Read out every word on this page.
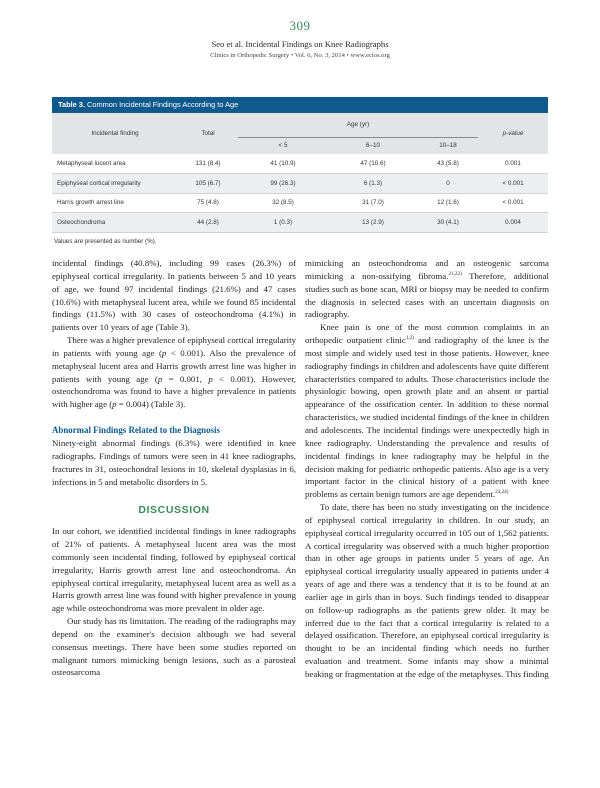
309
Seo et al. Incidental Findings on Knee Radiographs
Clinics in Orthopedic Surgery • Vol. 6, No. 3, 2014 • www.ecios.org
Table 3. Common Incidental Findings According to Age
Incidental finding	Total	Age (yr)			p-value
		< 5	6–10	10–18	
Metaphyseal lucent area	131 (8.4)	41 (10.9)	47 (10.6)	43 (5.8)	0.001
Epiphyseal cortical irregularity	105 (6.7)	99 (26.3)	6 (1.3)	0	< 0.001
Harris growth arrest line	75 (4.8)	32 (8.5)	31 (7.0)	12 (1.6)	< 0.001
Osteochondroma	44 (2.8)	1 (0.3)	13 (2.9)	30 (4.1)	0.004
Values are presented as number (%).

incidental findings (40.8%), including 99 cases (26.3%) of epiphyseal cortical irregularity. In patients between 5 and 10 years of age, we found 97 incidental findings (21.6%) and 47 cases (10.6%) with metaphyseal lucent area, while we found 85 incidental findings (11.5%) with 30 cases of osteochondroma (4.1%) in patients over 10 years of age (Table 3).

There was a higher prevalence of epiphyseal cortical irregularity in patients with young age (p < 0.001). Also the prevalence of metaphyseal lucent area and Harris growth arrest line was higher in patients with young age (p = 0.001, p < 0.001). However, osteochondroma was found to have a higher prevalence in patients with higher age (p = 0.004) (Table 3).

Abnormal Findings Related to the Diagnosis

Ninety-eight abnormal findings (6.3%) were identified in knee radiographs. Findings of tumors were seen in 41 knee radiographs, fractures in 31, osteochondral lesions in 10, skeletal dysplasias in 6, infections in 5 and metabolic disorders in 5.

DISCUSSION

In our cohort, we identified incidental findings in knee radiographs of 21% of patients. A metaphyseal lucent area was the most commonly seen incidental finding, followed by epiphyseal cortical irregularity, Harris growth arrest line and osteochondroma. An epiphyseal cortical irregularity, metaphyseal lucent area as well as a Harris growth arrest line was found with higher prevalence in young age while osteochondroma was more prevalent in older age.

Our study has its limitation. The reading of the radiographs may depend on the examiner's decision although we had several consensus meetings. There have been some studies reported on malignant tumors mimicking benign lesions, such as a parosteal osteosarcoma

mimicking an osteochondroma and an osteogenic sarcoma mimicking a non-ossifying fibroma.$^{21,22)}$ Therefore, additional studies such as bone scan, MRI or biopsy may be needed to confirm the diagnosis in selected cases with an uncertain diagnosis on radiography.

Knee pain is one of the most common complaints in an orthopedic outpatient clinic$^{1,2)}$ and radiography of the knee is the most simple and widely used test in those patients. However, knee radiography findings in children and adolescents have quite different characteristics compared to adults. Those characteristics include the physiologic bowing, open growth plate and an absent or partial appearance of the ossification center. In addition to these normal characteristics, we studied incidental findings of the knee in children and adolescents. The incidental findings were unexpectedly high in knee radiography. Understanding the prevalence and results of incidental findings in knee radiography may be helpful in the decision making for pediatric orthopedic patients. Also age is a very important factor in the clinical history of a patient with knee problems as certain benign tumors are age dependent.$^{23,24)}$

To date, there has been no study investigating on the incidence of epiphyseal cortical irregularity in children. In our study, an epiphyseal cortical irregularity occurred in 105 out of 1,562 patients. A cortical irregularity was observed with a much higher proportion than in other age groups in patients under 5 years of age. An epiphyseal cortical irregularity usually appeared in patients under 4 years of age and there was a tendency that it is to be found at an earlier age in girls than in boys. Such findings tended to disappear on follow-up radiographs as the patients grew older. It may be inferred due to the fact that a cortical irregularity is related to a delayed ossification. Therefore, an epiphyseal cortical irregularity is thought to be an incidental finding which needs no further evaluation and treatment. Some infants may show a minimal beaking or fragmentation at the edge of the metaphyses. This finding
